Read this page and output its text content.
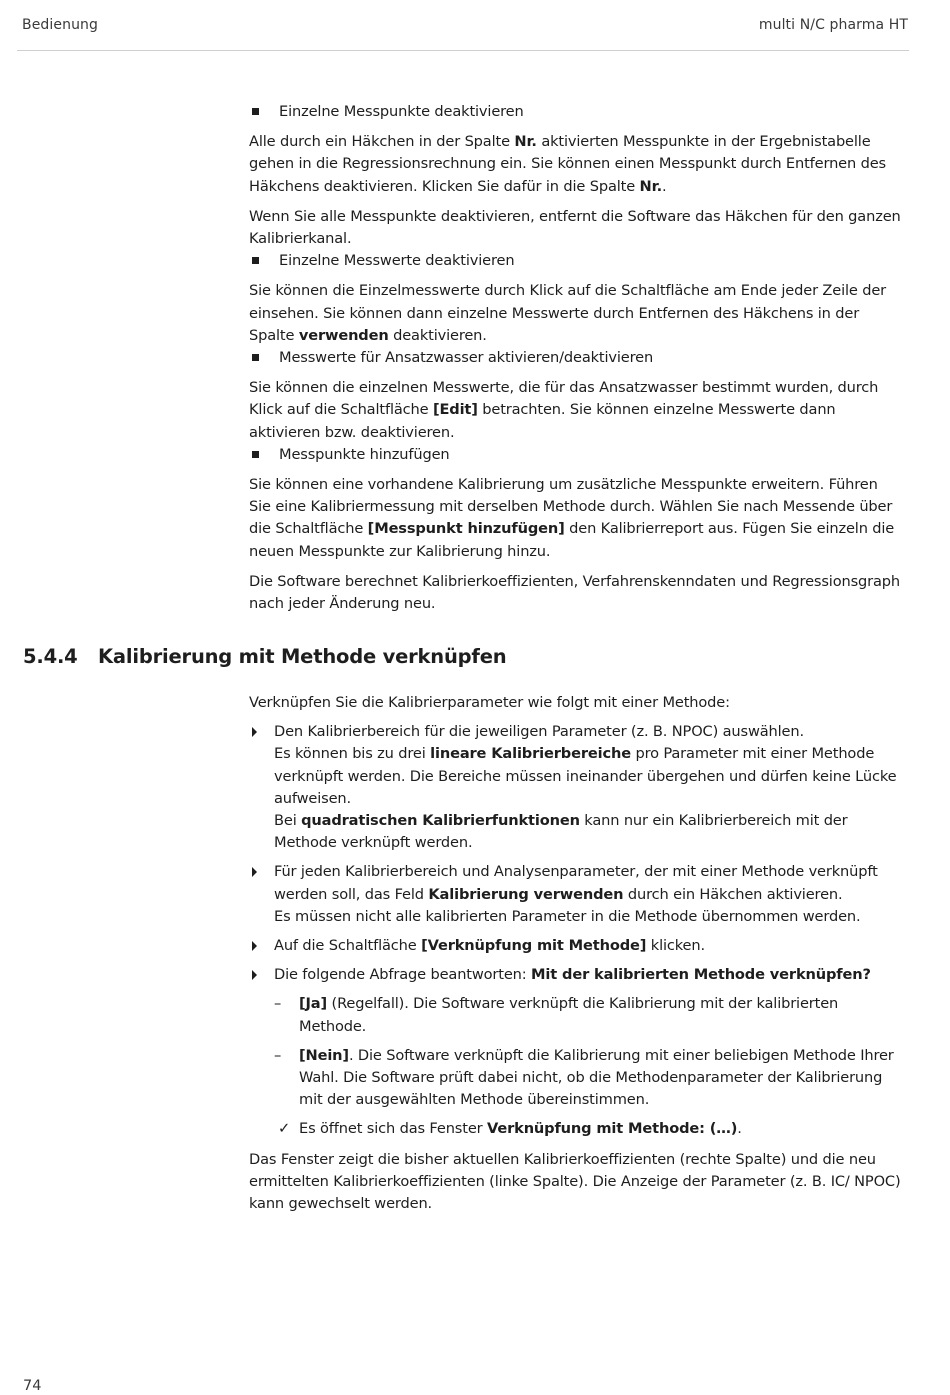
Bedienung	multi N/C pharma HT

Einzelne Messpunkte deaktivieren

Alle durch ein Häkchen in der Spalte Nr. aktivierten Messpunkte in der Ergebnistabelle gehen in die Regressionsrechnung ein. Sie können einen Messpunkt durch Entfernen des Häkchens deaktivieren. Klicken Sie dafür in die Spalte Nr..

Wenn Sie alle Messpunkte deaktivieren, entfernt die Software das Häkchen für den ganzen Kalibrierkanal.

Einzelne Messwerte deaktivieren

Sie können die Einzelmesswerte durch Klick auf die Schaltfläche am Ende jeder Zeile der einsehen. Sie können dann einzelne Messwerte durch Entfernen des Häkchens in der Spalte verwenden deaktivieren.

Messwerte für Ansatzwasser aktivieren/deaktivieren

Sie können die einzelnen Messwerte, die für das Ansatzwasser bestimmt wurden, durch Klick auf die Schaltfläche [Edit] betrachten. Sie können einzelne Messwerte dann aktivieren bzw. deaktivieren.

Messpunkte hinzufügen

Sie können eine vorhandene Kalibrierung um zusätzliche Messpunkte erweitern. Führen Sie eine Kalibriermessung mit derselben Methode durch. Wählen Sie nach Messende über die Schaltfläche [Messpunkt hinzufügen] den Kalibrierreport aus. Fügen Sie einzeln die neuen Messpunkte zur Kalibrierung hinzu.

Die Software berechnet Kalibrierkoeffizienten, Verfahrenskenndaten und Regressionsgraph nach jeder Änderung neu.

5.4.4 Kalibrierung mit Methode verknüpfen

Verknüpfen Sie die Kalibrierparameter wie folgt mit einer Methode:

Den Kalibrierbereich für die jeweiligen Parameter (z. B. NPOC) auswählen.

Es können bis zu drei lineare Kalibrierbereiche pro Parameter mit einer Methode verknüpft werden. Die Bereiche müssen ineinander übergehen und dürfen keine Lücke aufweisen.

Bei quadratischen Kalibrierfunktionen kann nur ein Kalibrierbereich mit der Methode verknüpft werden.

Für jeden Kalibrierbereich und Analysenparameter, der mit einer Methode verknüpft werden soll, das Feld Kalibrierung verwenden durch ein Häkchen aktivieren.

Es müssen nicht alle kalibrierten Parameter in die Methode übernommen werden.

Auf die Schaltfläche [Verknüpfung mit Methode] klicken.

Die folgende Abfrage beantworten: Mit der kalibrierten Methode verknüpfen?

– [Ja] (Regelfall). Die Software verknüpft die Kalibrierung mit der kalibrierten Methode.

– [Nein]. Die Software verknüpft die Kalibrierung mit einer beliebigen Methode Ihrer Wahl. Die Software prüft dabei nicht, ob die Methodenparameter der Kalibrierung mit der ausgewählten Methode übereinstimmen.

✓ Es öffnet sich das Fenster Verknüpfung mit Methode: (…).

Das Fenster zeigt die bisher aktuellen Kalibrierkoeffizienten (rechte Spalte) und die neu ermittelten Kalibrierkoeffizienten (linke Spalte). Die Anzeige der Parameter (z. B. IC/ NPOC) kann gewechselt werden.

74
